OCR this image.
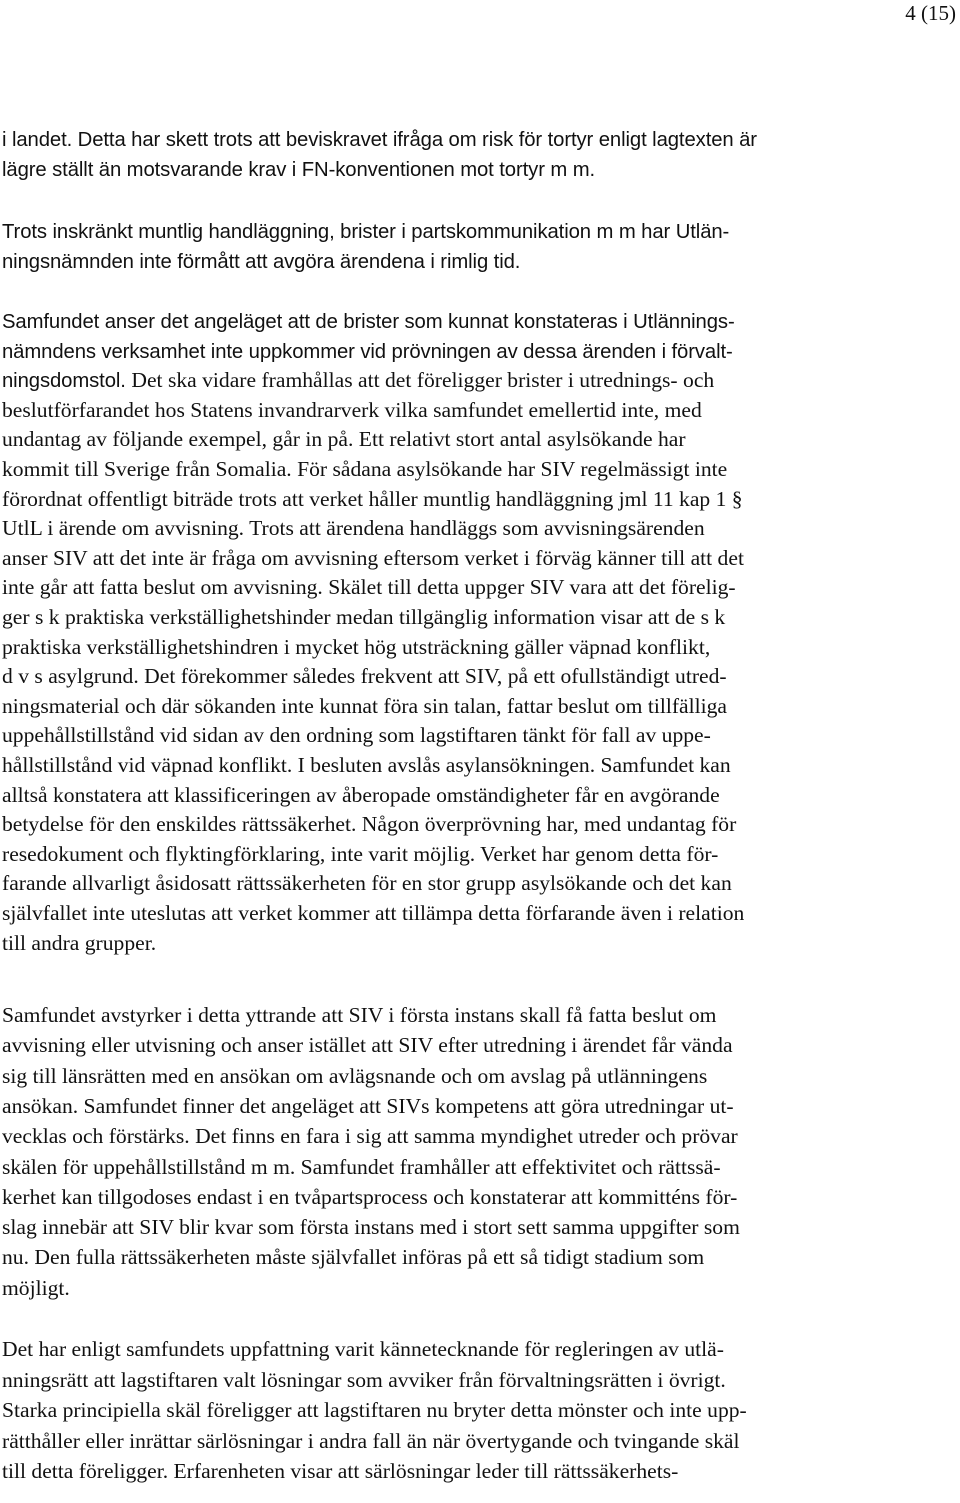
4 (15)
i landet. Detta har skett trots att beviskravet ifråga om risk för tortyr enligt lagtexten är
lägre ställt än motsvarande krav i FN-konventionen mot tortyr m m.
Trots inskränkt muntlig handläggning, brister i partskommunikation m m har Utlän-
ningsnämnden inte förmått att avgöra ärendena i rimlig tid.
Samfundet anser det angeläget att de brister som kunnat konstateras i Utlännings-
nämndens verksamhet inte uppkommer vid prövningen av dessa ärenden i förvalt-
ningsdomstol. Det ska vidare framhållas att det föreligger brister i utrednings- och
beslutförfarandet hos Statens invandrarverk vilka samfundet emellertid inte, med
undantag av följande exempel, går in på. Ett relativt stort antal asylsökande har
kommit till Sverige från Somalia. För sådana asylsökande har SIV regelmässigt inte
förordnat offentligt biträde trots att verket håller muntlig handläggning jml 11 kap 1 §
UtlL i ärende om avvisning. Trots att ärendena handläggs som avvisningsärenden
anser SIV att det inte är fråga om avvisning eftersom verket i förväg känner till att det
inte går att fatta beslut om avvisning. Skälet till detta uppger SIV vara att det förelig-
ger s k praktiska verkställighetshinder medan tillgänglig information visar att de s k
praktiska verkställighetshindren i mycket hög utsträckning gäller väpnad konflikt,
d v s asylgrund. Det förekommer således frekvent att SIV, på ett ofullständigt utred-
ningsmaterial och där sökanden inte kunnat föra sin talan, fattar beslut om tillfälliga
uppehållstillstånd vid sidan av den ordning som lagstiftaren tänkt för fall av uppe-
hållstillstånd vid väpnad konflikt. I besluten avslås asylansökningen. Samfundet kan
alltså konstatera att klassificeringen av åberopade omständigheter får en avgörande
betydelse för den enskildes rättssäkerhet. Någon överprövning har, med undantag för
resedokument och flyktingförklaring, inte varit möjlig. Verket har genom detta för-
farande allvarligt åsidosatt rättssäkerheten för en stor grupp asylsökande och det kan
självfallet inte uteslutas att verket kommer att tillämpa detta förfarande även i relation
till andra grupper.
Samfundet avstyrker i detta yttrande att SIV i första instans skall få fatta beslut om
avvisning eller utvisning och anser istället att SIV efter utredning i ärendet får vända
sig till länsrätten med en ansökan om avlägsnande och om avslag på utlänningens
ansökan. Samfundet finner det angeläget att SIVs kompetens att göra utredningar ut-
vecklas och förstärks. Det finns en fara i sig att samma myndighet utreder och prövar
skälen för uppehållstillstånd m m. Samfundet framhåller att effektivitet och rättssä-
kerhet kan tillgodoses endast i en tvåpartsprocess och konstaterar att kommitténs för-
slag innebär att SIV blir kvar som första instans med i stort sett samma uppgifter som
nu. Den fulla rättssäkerheten måste självfallet införas på ett så tidigt stadium som
möjligt.
Det har enligt samfundets uppfattning varit kännetecknande för regleringen av utlä-
nningsrätt att lagstiftaren valt lösningar som avviker från förvaltningsrätten i övrigt.
Starka principiella skäl föreligger att lagstiftaren nu bryter detta mönster och inte upp-
rätthåller eller inrättar särlösningar i andra fall än när övertygande och tvingande skäl
till detta föreligger. Erfarenheten visar att särlösningar leder till rättssäkerhets-
